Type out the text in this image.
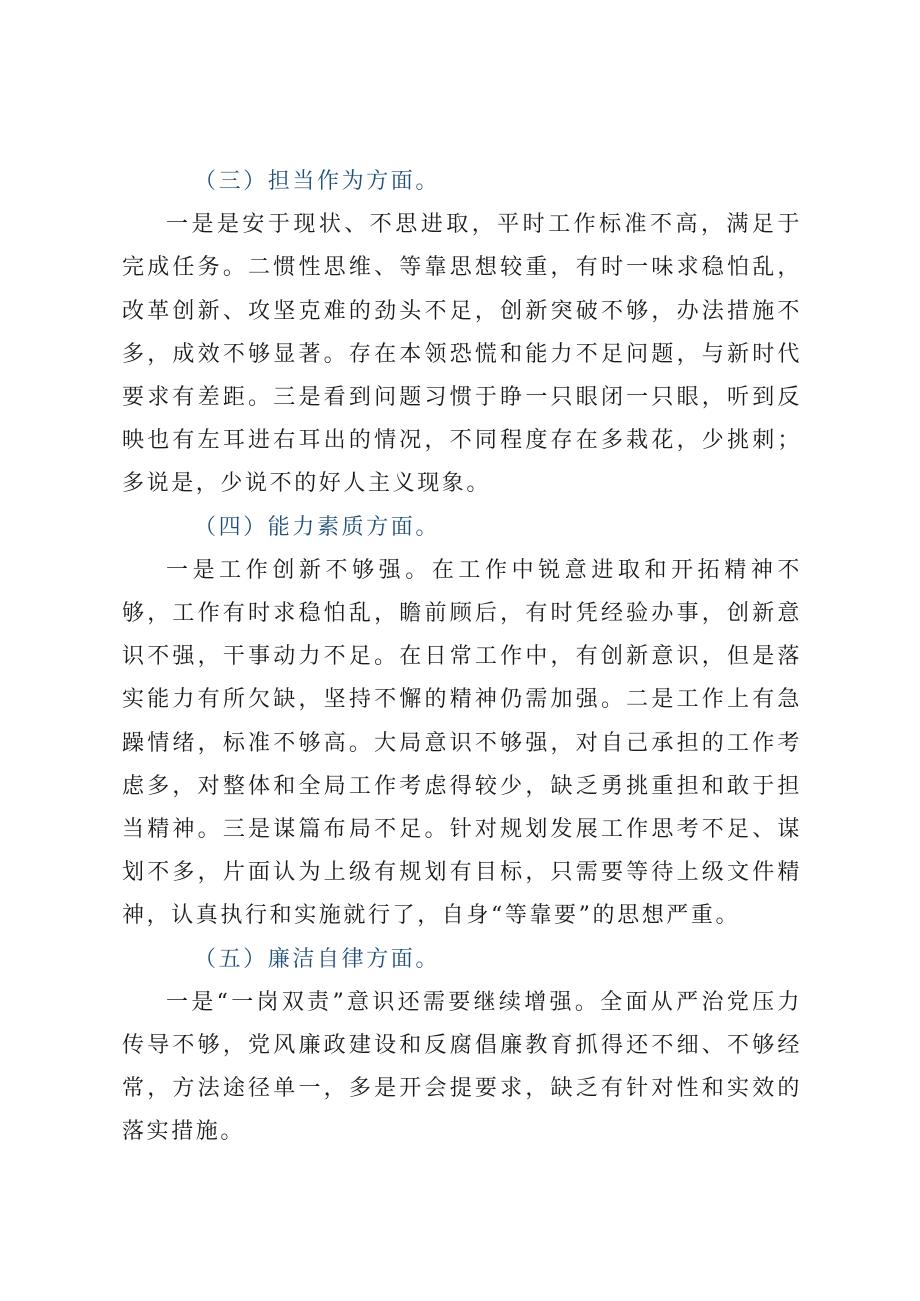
（三）担当作为方面。

一是是安于现状、不思进取，平时工作标准不高，满足于完成任务。二惯性思维、等靠思想较重，有时一味求稳怕乱，改革创新、攻坚克难的劲头不足，创新突破不够，办法措施不多，成效不够显著。存在本领恐慌和能力不足问题，与新时代要求有差距。三是看到问题习惯于睁一只眼闭一只眼，听到反映也有左耳进右耳出的情况，不同程度存在多栽花，少挑刺；多说是，少说不的好人主义现象。

（四）能力素质方面。

一是工作创新不够强。在工作中锐意进取和开拓精神不够，工作有时求稳怕乱，瞻前顾后，有时凭经验办事，创新意识不强，干事动力不足。在日常工作中，有创新意识，但是落实能力有所欠缺，坚持不懈的精神仍需加强。二是工作上有急躁情绪，标准不够高。大局意识不够强，对自己承担的工作考虑多，对整体和全局工作考虑得较少，缺乏勇挑重担和敢于担当精神。三是谋篇布局不足。针对规划发展工作思考不足、谋划不多，片面认为上级有规划有目标，只需要等待上级文件精神，认真执行和实施就行了，自身“等靠要”的思想严重。

（五）廉洁自律方面。

一是“一岗双责”意识还需要继续增强。全面从严治党压力传导不够，党风廉政建设和反腐倡廉教育抓得还不细、不够经常，方法途径单一，多是开会提要求，缺乏有针对性和实效的落实措施。
